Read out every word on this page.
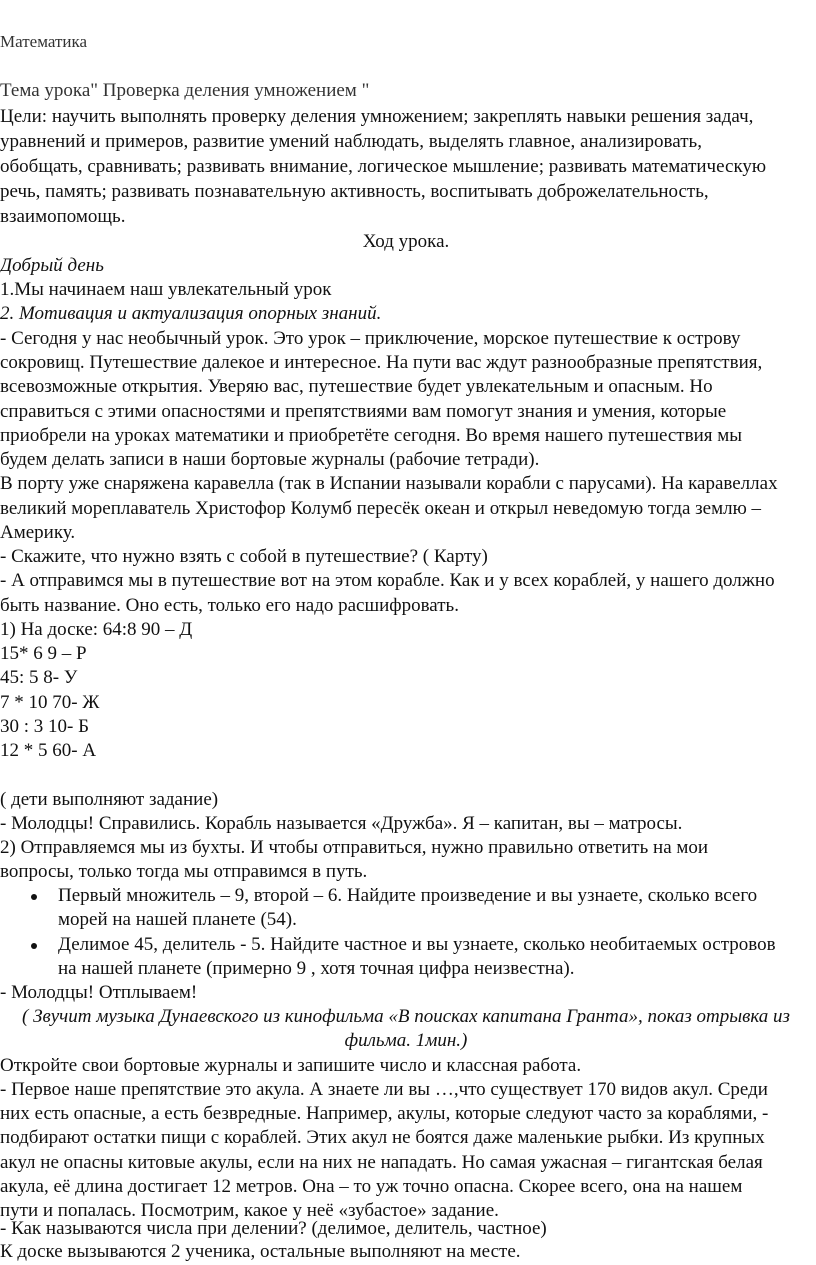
Математика
Тема урока" Проверка деления умножением "
Цели: научить выполнять проверку деления умножением; закреплять навыки решения задач,
уравнений и примеров, развитие умений наблюдать, выделять главное, анализировать,
обобщать, сравнивать; развивать внимание, логическое мышление; развивать математическую
речь, память; развивать познавательную активность, воспитывать доброжелательность,
взаимопомощь.
Ход урока.
Добрый день
1.Мы начинаем наш увлекательный урок
2. Мотивация и актуализация опорных знаний.
- Сегодня у нас необычный урок. Это урок – приключение, морское путешествие к острову
сокровищ. Путешествие далекое и интересное. На пути вас ждут разнообразные препятствия,
всевозможные открытия. Уверяю вас, путешествие будет увлекательным и опасным. Но
справиться с этими опасностями и препятствиями вам помогут знания и умения, которые
приобрели на уроках математики и приобретёте сегодня. Во время нашего путешествия мы
будем делать записи в наши бортовые журналы (рабочие тетради).
В порту уже снаряжена каравелла (так в Испании называли корабли с парусами). На каравеллах
великий мореплаватель Христофор Колумб пересёк океан и открыл неведомую тогда землю –
Америку.
- Скажите, что нужно взять с собой в путешествие? ( Карту)
- А отправимся мы в путешествие вот на этом корабле. Как и у всех кораблей, у нашего должно
быть название. Оно есть, только его надо расшифровать.
1) На доске: 64:8 90 – Д
15* 6 9 – Р
45: 5 8- У
7 * 10 70- Ж
30 : 3 10- Б
12 * 5 60- А
( дети выполняют задание)
- Молодцы! Справились. Корабль называется «Дружба». Я – капитан, вы – матросы.
2) Отправляемся мы из бухты. И чтобы отправиться, нужно правильно ответить на мои
вопросы, только тогда мы отправимся в путь.
Первый множитель – 9, второй – 6. Найдите произведение и вы узнаете, сколько всего
морей на нашей планете (54).
Делимое 45, делитель - 5. Найдите частное и вы узнаете, сколько необитаемых островов
на нашей планете (примерно 9 , хотя точная цифра неизвестна).
- Молодцы! Отплываем!
( Звучит музыка Дунаевского из кинофильма «В поисках капитана Гранта», показ отрывка из
фильма. 1мин.)
Откройте свои бортовые журналы и запишите число и классная работа.
- Первое наше препятствие это акула. А знаете ли вы …,что существует 170 видов акул. Среди
них есть опасные, а есть безвредные. Например, акулы, которые следуют часто за кораблями, -
подбирают остатки пищи с кораблей. Этих акул не боятся даже маленькие рыбки. Из крупных
акул не опасны китовые акулы, если на них не нападать. Но самая ужасная – гигантская белая
акула, её длина достигает 12 метров. Она – то уж точно опасна. Скорее всего, она на нашем
пути и попалась. Посмотрим, какое у неё «зубастое» задание.
- Как называются числа при делении? (делимое, делитель, частное)
К доске вызываются 2 ученика, остальные выполняют на месте.
